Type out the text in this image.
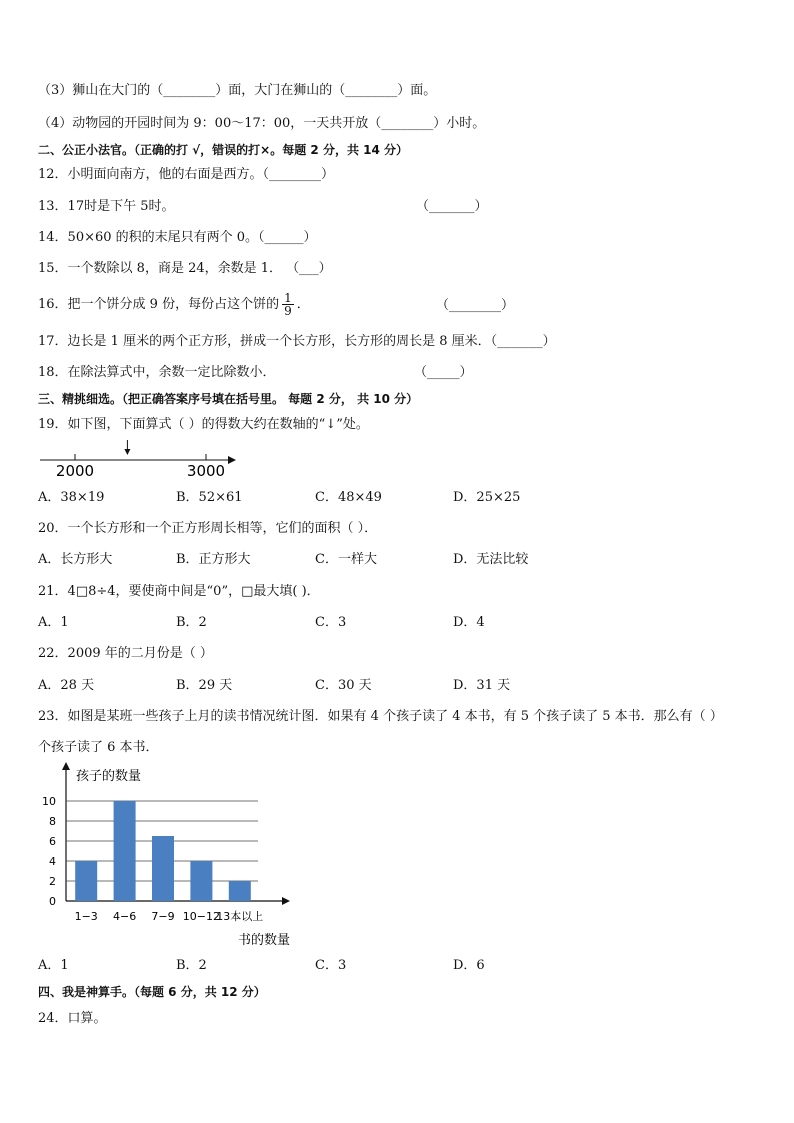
（3）狮山在大门的（________）面，大门在狮山的（________）面。
（4）动物园的开园时间为 9：00～17：00，一天共开放（________）小时。
二、公正小法官。（正确的打 √，错误的打×。每题 2 分，共 14 分）
12．小明面向南方，他的右面是西方。（________）
13．17时是下午 5时。	（_______）
14．50×60 的积的末尾只有两个 0。（______）
15．一个数除以 8，商是 24，余数是 1． （___）
16．把一个饼分成 9 份，每份占这个饼的 $\frac{1}{9}$ ．	（________）
17．边长是 1 厘米的两个正方形，拼成一个长方形，长方形的周长是 8 厘米．（_______）
18．在除法算式中，余数一定比除数小．	（_____）
三、精挑细选。（把正确答案序号填在括号里。 每题 2 分， 共 10 分）
19．如下图，下面算式（ ）的得数大约在数轴的“↓”处。
2000	3000
A．38×19	B．52×61	C．48×49	D．25×25
20．一个长方形和一个正方形周长相等，它们的面积（ ）．
A．长方形大	B．正方形大	C．一样大	D．无法比较
21．4□8÷4，要使商中间是“0”，□最大填( )．
A．1	B．2	C．3	D．4
22．2009 年的二月份是（ ）
A．28 天	B．29 天	C．30 天	D．31 天
23．如图是某班一些孩子上月的读书情况统计图．如果有 4 个孩子读了 4 本书，有 5 个孩子读了 5 本书．那么有（ ）
个孩子读了 6 本书．
孩子的数量
书的数量
0
2
4
6
8
10
1−3 4−6 7−9 10−12
13本以上
A．1	B．2	C．3	D．6
四、我是神算手。（每题 6 分，共 12 分）
24．口算。
